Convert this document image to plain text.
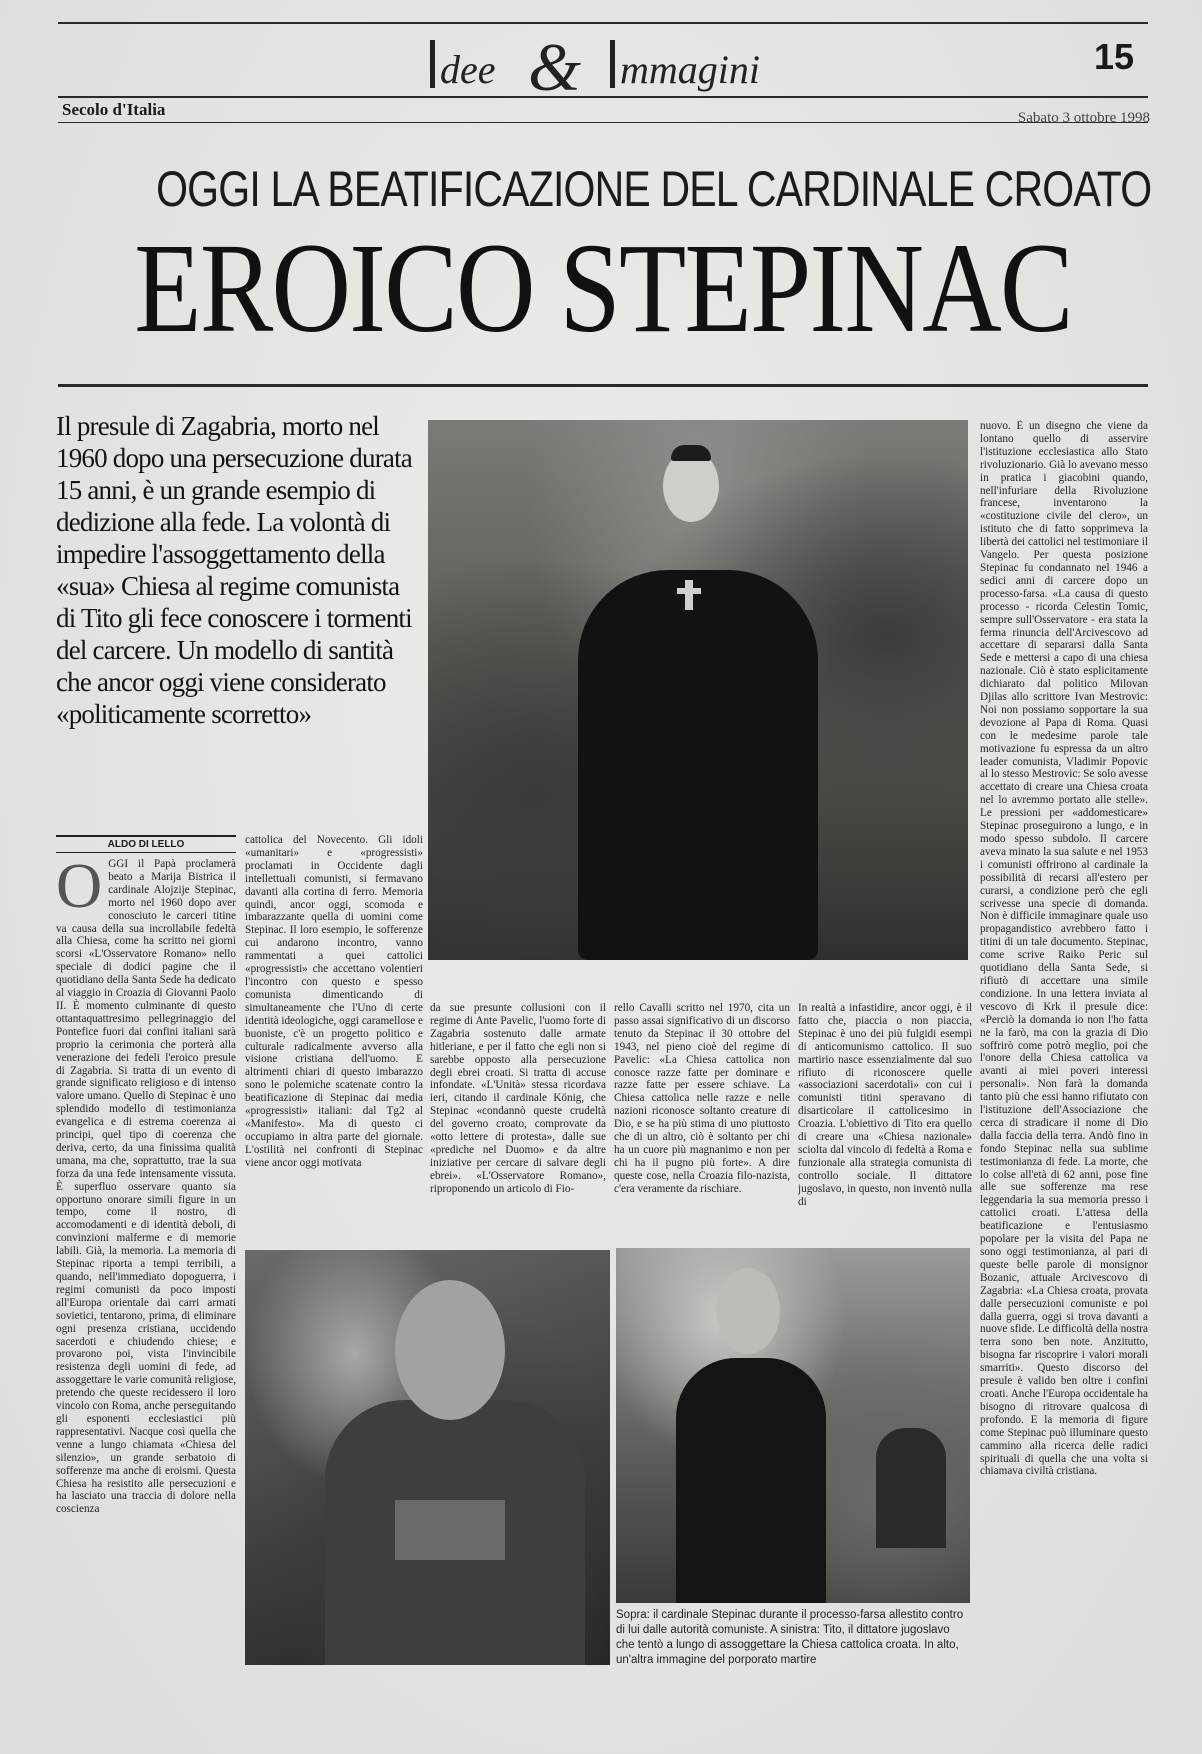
dee & mmagini	15
Secolo d'Italia	Sabato 3 ottobre 1998
OGGI LA BEATIFICAZIONE DEL CARDINALE CROATO
EROICO STEPINAC
Il presule di Zagabria, morto nel 1960 dopo una persecuzione durata 15 anni, è un grande esempio di dedizione alla fede. La volontà di impedire l'assoggettamento della «sua» Chiesa al regime comunista di Tito gli fece conoscere i tormenti del carcere. Un modello di santità che ancor oggi viene considerato «politicamente scorretto»
ALDO DI LELLO
O GGI il Papà proclamerà beato a Marija Bistrica il cardinale Alojzije Stepinac, morto nel 1960 dopo aver conosciuto le carceri titine va causa della sua incrollabile fedeltà alla Chiesa, come ha scritto nei giorni scorsi «L'Osservatore Romano» nello speciale di dodici pagine che il quotidiano della Santa Sede ha dedicato al viaggio in Croazia di Giovanni Paolo II. È momento culminante di questo ottantaquattresimo pellegrinaggio del Pontefice fuori dai confini italiani sarà proprio la cerimonia che porterà alla venerazione dei fedeli l'eroico presule di Zagabria. Si tratta di un evento di grande significato religioso e di intenso valore umano. Quello di Stepinac è uno splendido modello di testimonianza evangelica e di estrema coerenza ai principi, quel tipo di coerenza che deriva, certo, da una finissima qualità umana, ma che, soprattutto, trae la sua forza da una fede intensamente vissuta. È superfluo osservare quanto sia opportuno onorare simili figure in un tempo, come il nostro, di accomodamenti e di identità deboli, di convinzioni malferme e di memorie labili. Già, la memoria. La memoria di Stepinac riporta a tempi terribili, a quando, nell'immediato dopoguerra, i regimi comunisti da poco imposti all'Europa orientale dai carri armati sovietici, tentarono, prima, di eliminare ogni presenza cristiana, uccidendo sacerdoti e chiudendo chiese; e provarono poi, vista l'invincibile resistenza degli uomini di fede, ad assoggettare le varie comunità religiose, pretendo che queste recidessero il loro vincolo con Roma, anche perseguitando gli esponenti ecclesiastici più rappresentativi. Nacque così quella che venne a lungo chiamata «Chiesa del silenzio», un grande serbatoio di sofferenze ma anche di eroismi. Questa Chiesa ha resistito alle persecuzioni e ha lasciato una traccia di dolore nella coscienza
cattolica del Novecento. Gli idoli «umanitari» e «progressisti» proclamati in Occidente dagli intellettuali comunisti, si fermavano davanti alla cortina di ferro. Memoria quindi, ancor oggi, scomoda e imbarazzante quella di uomini come Stepinac. Il loro esempio, le sofferenze cui andarono incontro, vanno rammentati a quei cattolici «progressisti» che accettano volentieri l'incontro con questo e spesso comunista dimenticando di simultaneamente che l'Uno di certe identità ideologiche, oggi caramellose e buoniste, c'è un progetto politico e culturale radicalmente avverso alla visione cristiana dell'uomo. E altrimenti chiari di questo imbarazzo sono le polemiche scatenate contro la beatificazione di Stepinac dai media «progressisti» italiani: dal Tg2 al «Manifesto». Ma di questo ci occupiamo in altra parte del giornale. L'ostilità nei confronti di Stepinac viene ancor oggi motivata
da sue presunte collusioni con il regime di Ante Pavelic, l'uomo forte di Zagabria sostenuto dalle armate hitleriane, e per il fatto che egli non si sarebbe opposto alla persecuzione degli ebrei croati. Si tratta di accuse infondate. «L'Unità» stessa ricordava ieri, citando il cardinale König, che Stepinac «condannò queste crudeltà del governo croato, comprovate da «otto lettere di protesta», dalle sue «prediche nel Duomo» e da altre iniziative per cercare di salvare degli ebrei». «L'Osservatore Romano», riproponendo un articolo di Fio-
rello Cavalli scritto nel 1970, cita un passo assai significativo di un discorso tenuto da Stepinac il 30 ottobre del 1943, nel pieno cioè del regime di Pavelic: «La Chiesa cattolica non conosce razze fatte per dominare e razze fatte per essere schiave. La Chiesa cattolica nelle razze e nelle nazioni riconosce soltanto creature di Dio, e se ha più stima di uno piuttosto che di un altro, ciò è soltanto per chi ha un cuore più magnanimo e non per chi ha il pugno più forte». A dire queste cose, nella Croazia filo-nazista, c'era veramente da rischiare.
In realtà a infastidire, ancor oggi, è il fatto che, piaccia o non piaccia, Stepinac è uno dei più fulgidi esempi di anticomunismo cattolico. Il suo martirio nasce essenzialmente dal suo rifiuto di riconoscere quelle «associazioni sacerdotali» con cui i comunisti titini speravano di disarticolare il cattolicesimo in Croazia. L'obiettivo di Tito era quello di creare una «Chiesa nazionale» sciolta dal vincolo di fedeltà a Roma e funzionale alla strategia comunista di controllo sociale. Il dittatore jugoslavo, in questo, non inventò nulla di
nuovo. È un disegno che viene da lontano quello di asservire l'istituzione ecclesiastica allo Stato rivoluzionario. Già lo avevano messo in pratica i giacobini quando, nell'infuriare della Rivoluzione francese, inventarono la «costituzione civile del clero», un istituto che di fatto sopprimeva la libertà dei cattolici nel testimoniare il Vangelo. Per questa posizione Stepinac fu condannato nel 1946 a sedici anni di carcere dopo un processo-farsa. «La causa di questo processo - ricorda Celestin Tomic, sempre sull'Osservatore - era stata la ferma rinuncia dell'Arcivescovo ad accettare di separarsi dalla Santa Sede e mettersi a capo di una chiesa nazionale. Ciò è stato esplicitamente dichiarato dal politico Milovan Djilas allo scrittore Ivan Mestrovic: Noi non possiamo sopportare la sua devozione al Papa di Roma. Quasi con le medesime parole tale motivazione fu espressa da un altro leader comunista, Vladimir Popovic al lo stesso Mestrovic: Se solo avesse accettato di creare una Chiesa croata nel lo avremmo portato alle stelle». Le pressioni per «addomesticare» Stepinac proseguirono a lungo, e in modo spesso subdolo. Il carcere aveva minato la sua salute e nel 1953 i comunisti offrirono al cardinale la possibilità di recarsi all'estero per curarsi, a condizione però che egli scrivesse una specie di domanda. Non è difficile immaginare quale uso propagandistico avrebbero fatto i titini di un tale documento. Stepinac, come scrive Raiko Peric sul quotidiano della Santa Sede, si rifiutò di accettare una simile condizione. In una lettera inviata al vescovo di Krk il presule dice: «Perciò la domanda io non l'ho fatta ne la farò, ma con la grazia di Dio soffrirò come potrò meglio, poi che l'onore della Chiesa cattolica va avanti ai miei poveri interessi personali». Non farà la domanda tanto più che essi hanno rifiutato con l'istituzione dell'Associazione che cerca di stradicare il nome di Dio dalla faccia della terra. Andò fino in fondo Stepinac nella sua sublime testimonianza di fede. La morte, che lo colse all'età di 62 anni, pose fine alle sue sofferenze ma rese leggendaria la sua memoria presso i cattolici croati. L'attesa della beatificazione e l'entusiasmo popolare per la visita del Papa ne sono oggi testimonianza, al pari di queste belle parole di monsignor Bozanic, attuale Arcivescovo di Zagabria: «La Chiesa croata, provata dalle persecuzioni comuniste e poi dalla guerra, oggi si trova davanti a nuove sfide. Le difficoltà della nostra terra sono ben note. Anzitutto, bisogna far riscoprire i valori morali smarriti». Questo discorso del presule è valido ben oltre i confini croati. Anche l'Europa occidentale ha bisogno di ritrovare qualcosa di profondo. E la memoria di figure come Stepinac può illuminare questo cammino alla ricerca delle radici spirituali di quella che una volta si chiamava civiltà cristiana.
Sopra: il cardinale Stepinac durante il processo-farsa allestito contro di lui dalle autorità comuniste. A sinistra: Tito, il dittatore jugoslavo che tentò a lungo di assoggettare la Chiesa cattolica croata. In alto, un'altra immagine del porporato martire
